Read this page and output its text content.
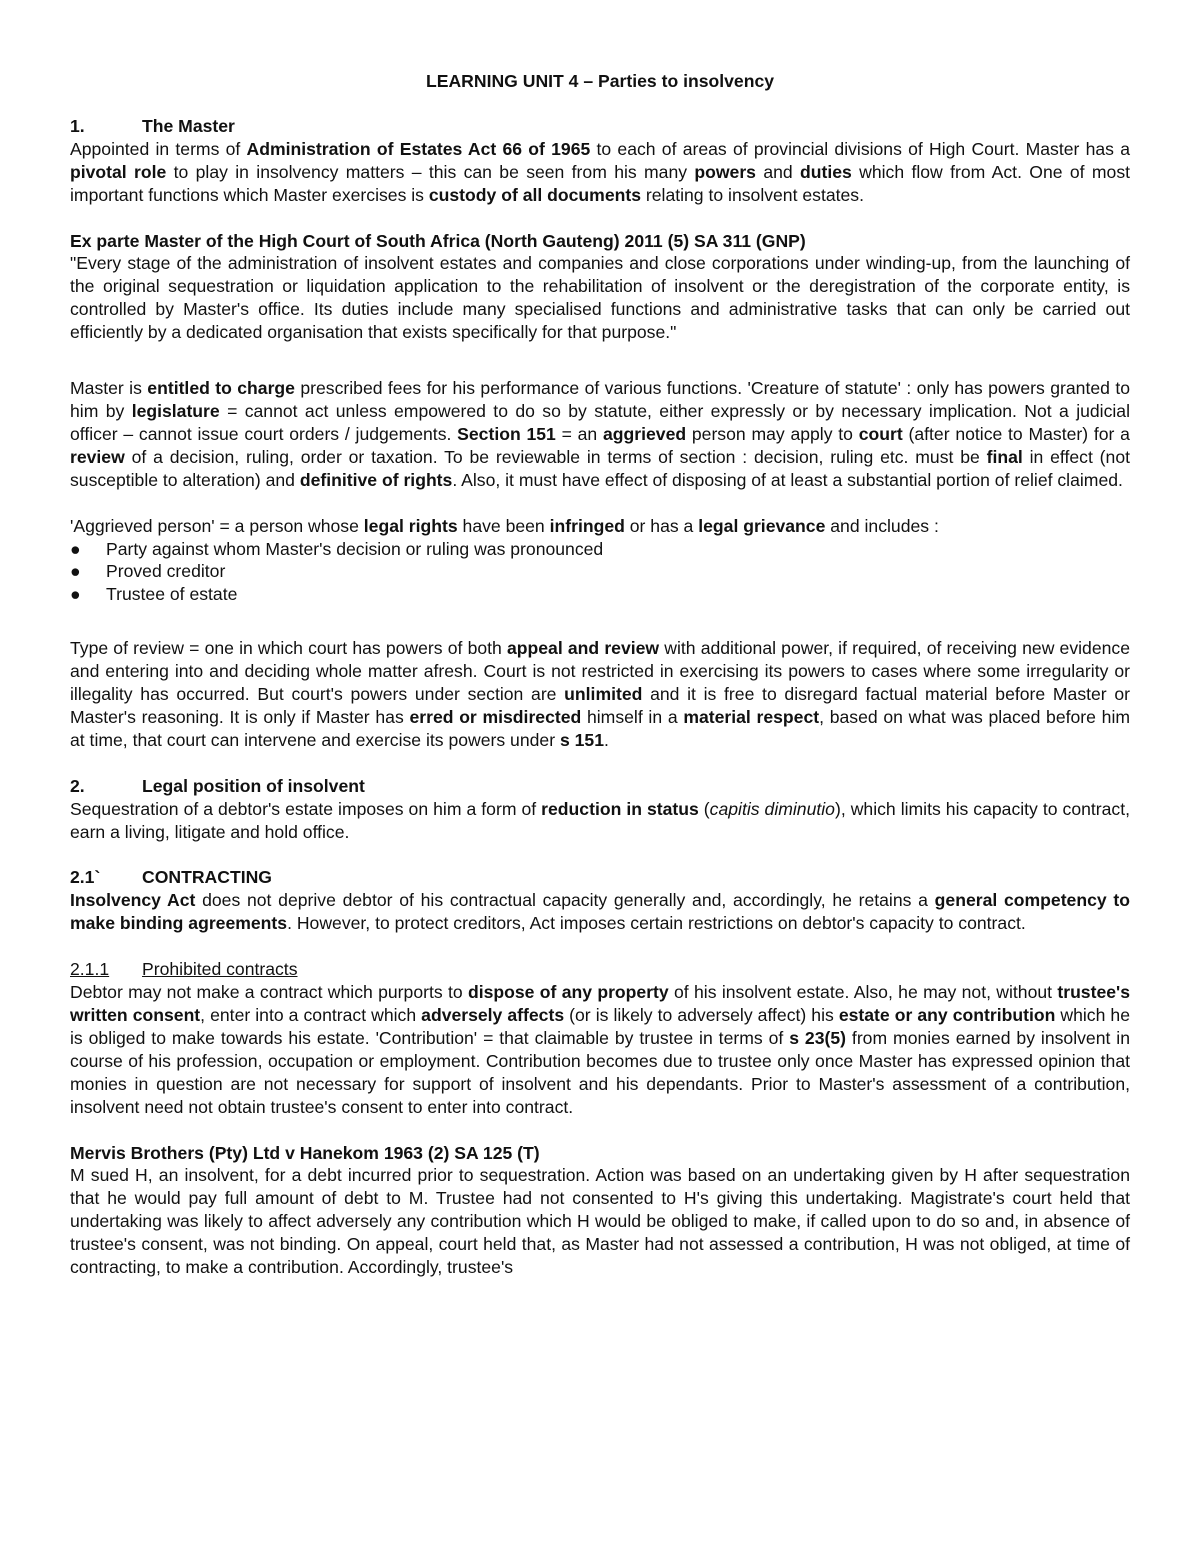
LEARNING UNIT 4 – Parties to insolvency

1.	The Master

Appointed in terms of Administration of Estates Act 66 of 1965 to each of areas of provincial divisions of High Court. Master has a pivotal role to play in insolvency matters – this can be seen from his many powers and duties which flow from Act. One of most important functions which Master exercises is custody of all documents relating to insolvent estates.

Ex parte Master of the High Court of South Africa (North Gauteng) 2011 (5) SA 311 (GNP)

"Every stage of the administration of insolvent estates and companies and close corporations under winding-up, from the launching of the original sequestration or liquidation application to the rehabilitation of insolvent or the deregistration of the corporate entity, is controlled by Master's office. Its duties include many specialised functions and administrative tasks that can only be carried out efficiently by a dedicated organisation that exists specifically for that purpose."

Master is entitled to charge prescribed fees for his performance of various functions. 'Creature of statute' : only has powers granted to him by legislature = cannot act unless empowered to do so by statute, either expressly or by necessary implication. Not a judicial officer – cannot issue court orders / judgements. Section 151 = an aggrieved person may apply to court (after notice to Master) for a review of a decision, ruling, order or taxation. To be reviewable in terms of section : decision, ruling etc. must be final in effect (not susceptible to alteration) and definitive of rights. Also, it must have effect of disposing of at least a substantial portion of relief claimed.

'Aggrieved person' = a person whose legal rights have been infringed or has a legal grievance and includes :

● Party against whom Master's decision or ruling was pronounced
● Proved creditor
● Trustee of estate

Type of review = one in which court has powers of both appeal and review with additional power, if required, of receiving new evidence and entering into and deciding whole matter afresh. Court is not restricted in exercising its powers to cases where some irregularity or illegality has occurred. But court's powers under section are unlimited and it is free to disregard factual material before Master or Master's reasoning. It is only if Master has erred or misdirected himself in a material respect, based on what was placed before him at time, that court can intervene and exercise its powers under s 151.

2.	Legal position of insolvent

Sequestration of a debtor's estate imposes on him a form of reduction in status (capitis diminutio), which limits his capacity to contract, earn a living, litigate and hold office.

2.1` CONTRACTING

Insolvency Act does not deprive debtor of his contractual capacity generally and, accordingly, he retains a general competency to make binding agreements. However, to protect creditors, Act imposes certain restrictions on debtor's capacity to contract.

2.1.1 Prohibited contracts

Debtor may not make a contract which purports to dispose of any property of his insolvent estate. Also, he may not, without trustee's written consent, enter into a contract which adversely affects (or is likely to adversely affect) his estate or any contribution which he is obliged to make towards his estate. 'Contribution' = that claimable by trustee in terms of s 23(5) from monies earned by insolvent in course of his profession, occupation or employment. Contribution becomes due to trustee only once Master has expressed opinion that monies in question are not necessary for support of insolvent and his dependants. Prior to Master's assessment of a contribution, insolvent need not obtain trustee's consent to enter into contract.

Mervis Brothers (Pty) Ltd v Hanekom 1963 (2) SA 125 (T)

M sued H, an insolvent, for a debt incurred prior to sequestration. Action was based on an undertaking given by H after sequestration that he would pay full amount of debt to M. Trustee had not consented to H's giving this undertaking. Magistrate's court held that undertaking was likely to affect adversely any contribution which H would be obliged to make, if called upon to do so and, in absence of trustee's consent, was not binding. On appeal, court held that, as Master had not assessed a contribution, H was not obliged, at time of contracting, to make a contribution. Accordingly, trustee's
